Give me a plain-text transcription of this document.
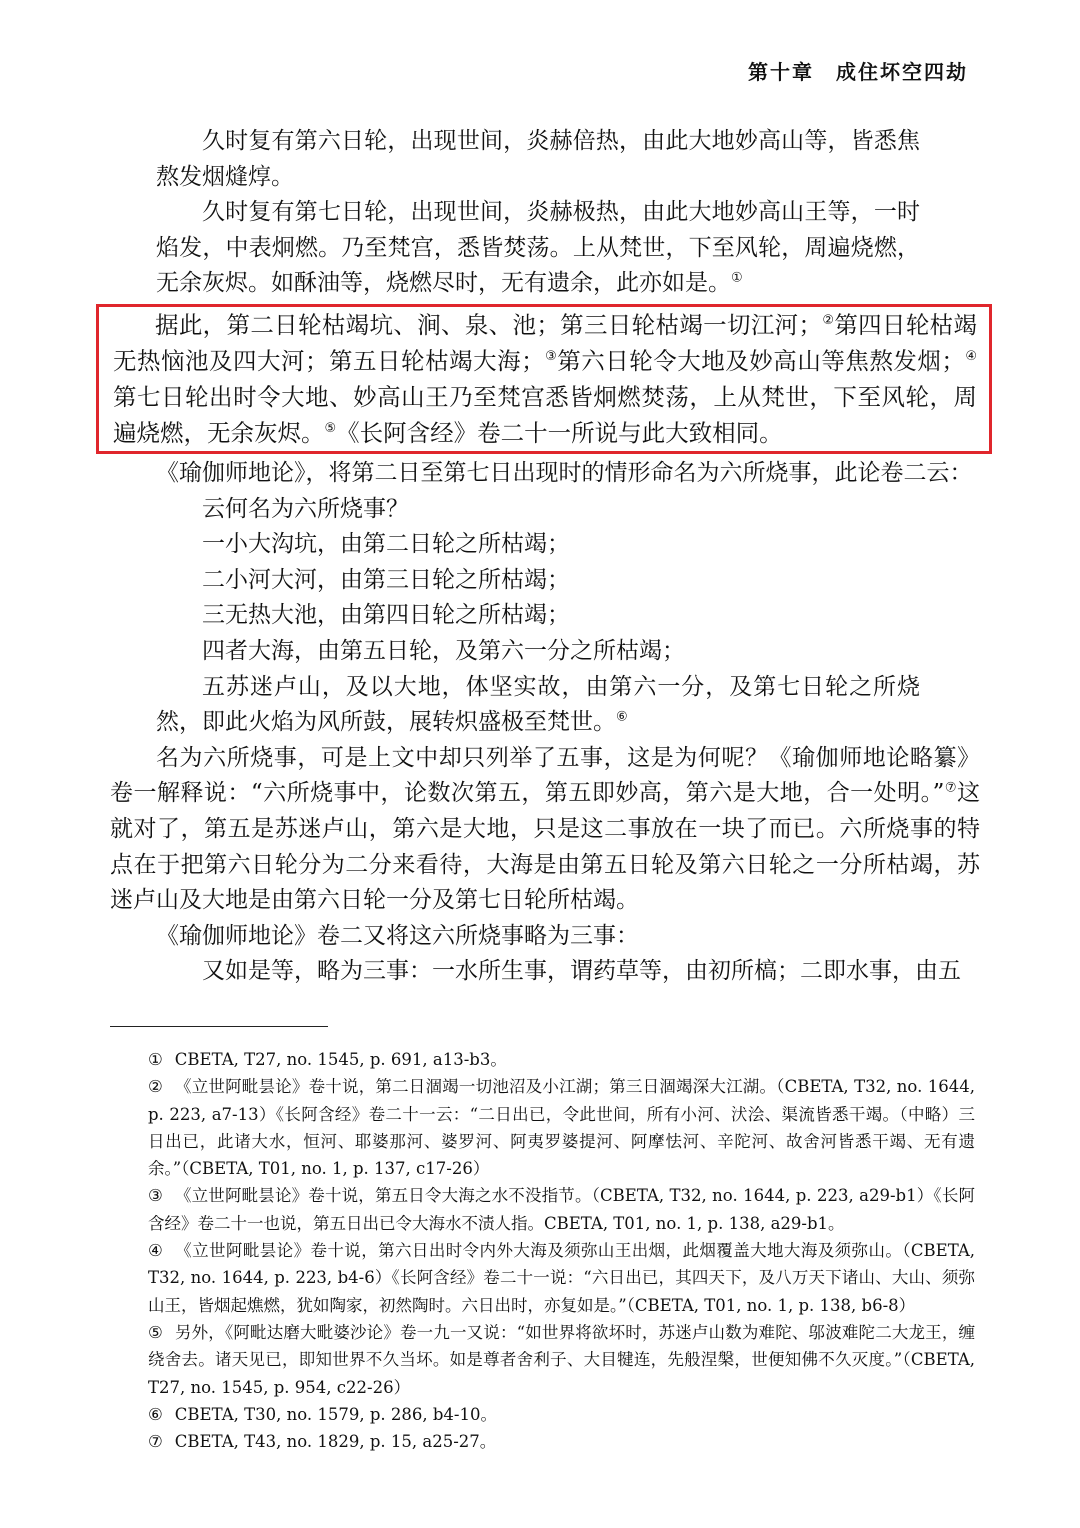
第十章 成住坏空四劫

久时复有第六日轮，出现世间，炎赫倍热，由此大地妙高山等，皆悉焦熬发烟熢焞。

久时复有第七日轮，出现世间，炎赫极热，由此大地妙高山王等，一时焰发，中表炯燃。乃至梵宫，悉皆焚荡。上从梵世，下至风轮，周遍烧燃，无余灰烬。如酥油等，烧燃尽时，无有遗余，此亦如是。①

据此，第二日轮枯竭坑、涧、泉、池；第三日轮枯竭一切江河；②第四日轮枯竭无热恼池及四大河；第五日轮枯竭大海；③第六日轮令大地及妙高山等焦熬发烟；④第七日轮出时令大地、妙高山王乃至梵宫悉皆炯燃焚荡，上从梵世，下至风轮，周遍烧燃，无余灰烬。⑤《长阿含经》卷二十一所说与此大致相同。

《瑜伽师地论》，将第二日至第七日出现时的情形命名为六所烧事，此论卷二云：

云何名为六所烧事？

一小大沟坑，由第二日轮之所枯竭；

二小河大河，由第三日轮之所枯竭；

三无热大池，由第四日轮之所枯竭；

四者大海，由第五日轮，及第六一分之所枯竭；

五苏迷卢山，及以大地，体坚实故，由第六一分，及第七日轮之所烧然，即此火焰为风所鼓，展转炽盛极至梵世。⑥

名为六所烧事，可是上文中却只列举了五事，这是为何呢？《瑜伽师地论略纂》卷一解释说：“六所烧事中，论数次第五，第五即妙高，第六是大地，合一处明。”⑦这就对了，第五是苏迷卢山，第六是大地，只是这二事放在一块了而已。六所烧事的特点在于把第六日轮分为二分来看待，大海是由第五日轮及第六日轮之一分所枯竭，苏迷卢山及大地是由第六日轮一分及第七日轮所枯竭。

《瑜伽师地论》卷二又将这六所烧事略为三事：

又如是等，略为三事：一水所生事，谓药草等，由初所槁；二即水事，由五

① CBETA, T27, no. 1545, p. 691, a13-b3。

② 《立世阿毗昙论》卷十说，第二日涸竭一切池沼及小江湖；第三日涸竭深大江湖。（CBETA, T32, no. 1644, p. 223, a7-13）《长阿含经》卷二十一云：“二日出已，令此世间，所有小河、汱浍、渠流皆悉干竭。（中略）三日出已，此诸大水，恒河、耶婆那河、婆罗河、阿夷罗婆提河、阿摩怯河、辛陀河、故舍河皆悉干竭、无有遗余。”（CBETA, T01, no. 1, p. 137, c17-26）

③ 《立世阿毗昙论》卷十说，第五日令大海之水不没指节。（CBETA, T32, no. 1644, p. 223, a29-b1）《长阿含经》卷二十一也说，第五日出已令大海水不渍人指。CBETA, T01, no. 1, p. 138, a29-b1。

④ 《立世阿毗昙论》卷十说，第六日出时令内外大海及须弥山王出烟，此烟覆盖大地大海及须弥山。（CBETA, T32, no. 1644, p. 223, b4-6）《长阿含经》卷二十一说：“六日出已，其四天下，及八万天下诸山、大山、须弥山王，皆烟起燋燃，犹如陶家，初然陶时。六日出时，亦复如是。”（CBETA, T01, no. 1, p. 138, b6-8）

⑤ 另外，《阿毗达磨大毗婆沙论》卷一九一又说：“如世界将欲坏时，苏迷卢山数为难陀、邬波难陀二大龙王，缠绕舍去。诸天见已，即知世界不久当坏。如是尊者舍利子、大目犍连，先般涅槃，世便知佛不久灭度。”（CBETA, T27, no. 1545, p. 954, c22-26）

⑥ CBETA, T30, no. 1579, p. 286, b4-10。

⑦ CBETA, T43, no. 1829, p. 15, a25-27。
